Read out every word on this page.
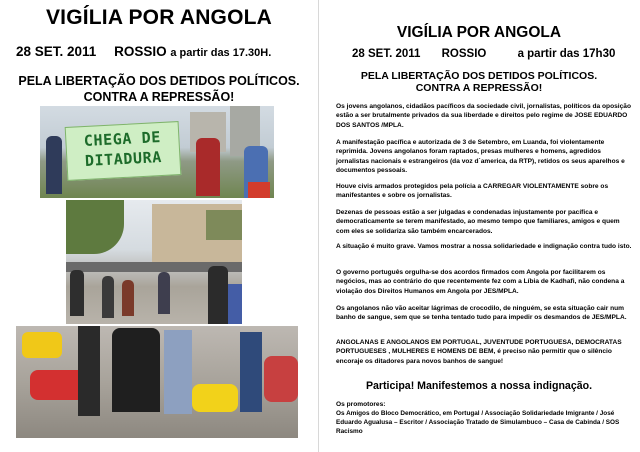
VIGÍLIA POR ANGOLA
28 SET. 2011 ROSSIO a partir das 17.30H.
PELA LIBERTAÇÃO DOS DETIDOS POLÍTICOS.
CONTRA A REPRESSÃO!
CHEGA DE
DITADURA
VIGÍLIA POR ANGOLA
28 SET. 2011 ROSSIO	a partir das 17h30
PELA LIBERTAÇÃO DOS DETIDOS POLÍTICOS.
CONTRA A REPRESSÃO!
Os jovens angolanos, cidadãos pacíficos da sociedade civil, jornalistas, políticos da oposição estão a ser brutalmente privados da sua liberdade e direitos pelo regime de JOSE EDUARDO DOS SANTOS /MPLA.
A manifestação pacífica e autorizada de 3 de Setembro, em Luanda, foi violentamente reprimida. Jovens angolanos foram raptados, presas mulheres e homens, agredidos jornalistas nacionais e estrangeiros (da voz d´america, da RTP), retidos os seus aparelhos e documentos pessoais.
Houve civis armados protegidos pela polícia a CARREGAR VIOLENTAMENTE sobre os manifestantes e sobre os jornalistas.
Dezenas de pessoas estão a ser julgadas e condenadas injustamente por pacífica e democraticamente se terem manifestado, ao mesmo tempo que familiares, amigos e quem com eles se solidariza são também encarcerados.
A situação é muito grave. Vamos mostrar a nossa solidariedade e indignação contra tudo isto.
O governo português orgulha-se dos acordos firmados com Angola por facilitarem os negócios, mas ao contrário do que recentemente fez com a Líbia de Kadhafi, não condena a violação dos Direitos Humanos em Angola por JES/MPLA.
Os angolanos não vão aceitar lágrimas de crocodilo, de ninguém, se esta situação cair num banho de sangue, sem que se tenha tentado tudo para impedir os desmandos de JES/MPLA.
ANGOLANAS E ANGOLANOS EM PORTUGAL, JUVENTUDE PORTUGUESA, DEMOCRATAS PORTUGUESES , MULHERES E HOMENS DE BEM, é preciso não permitir que o silêncio encoraje os ditadores para novos banhos de sangue!
Participa! Manifestemos a nossa indignação.
Os promotores:
Os Amigos do Bloco Democrático, em Portugal / Associação Solidariedade Imigrante / José Eduardo Agualusa – Escritor / Associação Tratado de Simulambuco – Casa de Cabinda / SOS Racismo
